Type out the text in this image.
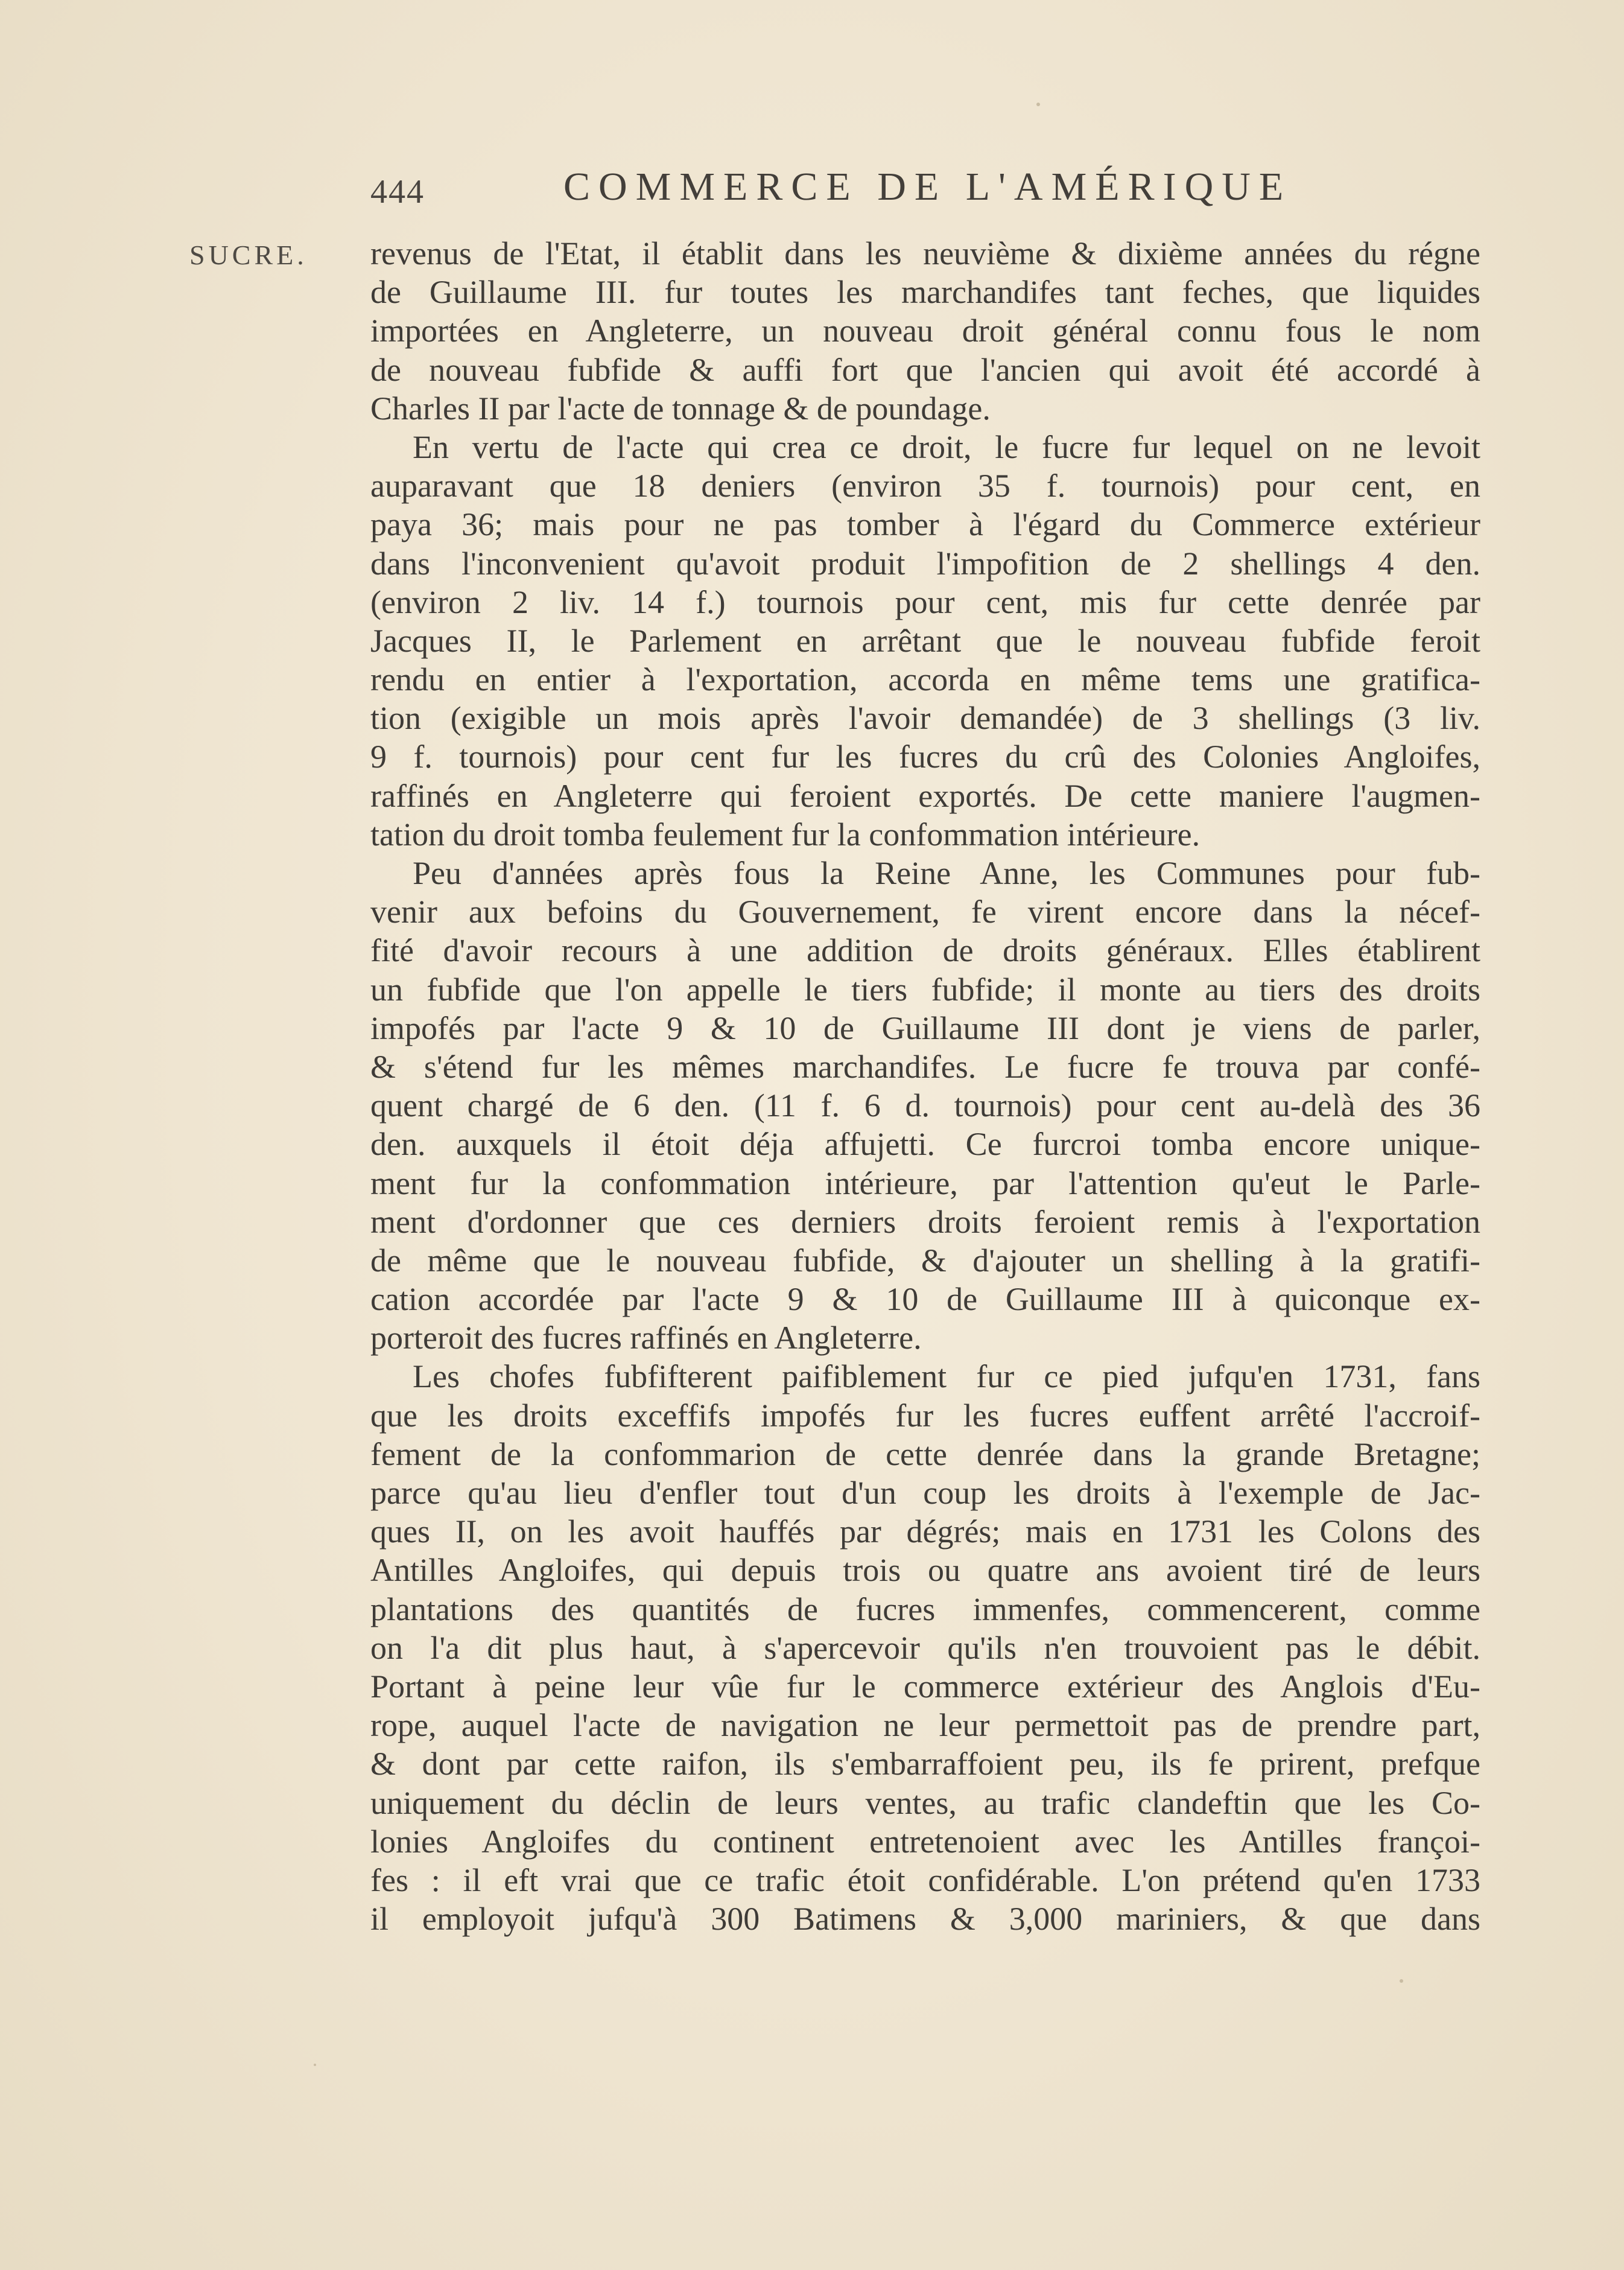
444	COMMERCE DE L'AMÉRIQUE
SUCRE. revenus de l'Etat, il établit dans les neuvième & dixième années du régne
de Guillaume III. fur toutes les marchandifes tant feches, que liquides
importées en Angleterre, un nouveau droit général connu fous le nom
de nouveau fubfide & auffi fort que l'ancien qui avoit été accordé à
Charles II par l'acte de tonnage & de poundage.
En vertu de l'acte qui crea ce droit, le fucre fur lequel on ne levoit
auparavant que 18 deniers (environ 35 f. tournois) pour cent, en
paya 36; mais pour ne pas tomber à l'égard du Commerce extérieur
dans l'inconvenient qu'avoit produit l'impofition de 2 shellings 4 den.
(environ 2 liv. 14 f.) tournois pour cent, mis fur cette denrée par
Jacques II, le Parlement en arrêtant que le nouveau fubfide feroit
rendu en entier à l'exportation, accorda en même tems une gratifica-
tion (exigible un mois après l'avoir demandée) de 3 shellings (3 liv.
9 f. tournois) pour cent fur les fucres du crû des Colonies Angloifes,
raffinés en Angleterre qui feroient exportés. De cette maniere l'augmen-
tation du droit tomba feulement fur la confommation intérieure.
Peu d'années après fous la Reine Anne, les Communes pour fub-
venir aux befoins du Gouvernement, fe virent encore dans la nécef-
fité d'avoir recours à une addition de droits généraux. Elles établirent
un fubfide que l'on appelle le tiers fubfide; il monte au tiers des droits
impofés par l'acte 9 & 10 de Guillaume III dont je viens de parler,
& s'étend fur les mêmes marchandifes. Le fucre fe trouva par confé-
quent chargé de 6 den. (11 f. 6 d. tournois) pour cent au-delà des 36
den. auxquels il étoit déja affujetti. Ce furcroi tomba encore unique-
ment fur la confommation intérieure, par l'attention qu'eut le Parle-
ment d'ordonner que ces derniers droits feroient remis à l'exportation
de même que le nouveau fubfide, & d'ajouter un shelling à la gratifi-
cation accordée par l'acte 9 & 10 de Guillaume III à quiconque ex-
porteroit des fucres raffinés en Angleterre.
Les chofes fubfifterent paifiblement fur ce pied jufqu'en 1731, fans
que les droits exceffifs impofés fur les fucres euffent arrêté l'accroif-
fement de la confommarion de cette denrée dans la grande Bretagne;
parce qu'au lieu d'enfler tout d'un coup les droits à l'exemple de Jac-
ques II, on les avoit hauffés par dégrés; mais en 1731 les Colons des
Antilles Angloifes, qui depuis trois ou quatre ans avoient tiré de leurs
plantations des quantités de fucres immenfes, commencerent, comme
on l'a dit plus haut, à s'apercevoir qu'ils n'en trouvoient pas le débit.
Portant à peine leur vûe fur le commerce extérieur des Anglois d'Eu-
rope, auquel l'acte de navigation ne leur permettoit pas de prendre part,
& dont par cette raifon, ils s'embarraffoient peu, ils fe prirent, prefque
uniquement du déclin de leurs ventes, au trafic clandeftin que les Co-
lonies Angloifes du continent entretenoient avec les Antilles françoi-
fes : il eft vrai que ce trafic étoit confidérable. L'on prétend qu'en 1733
il employoit jufqu'à 300 Batimens & 3,000 mariniers, & que dans
